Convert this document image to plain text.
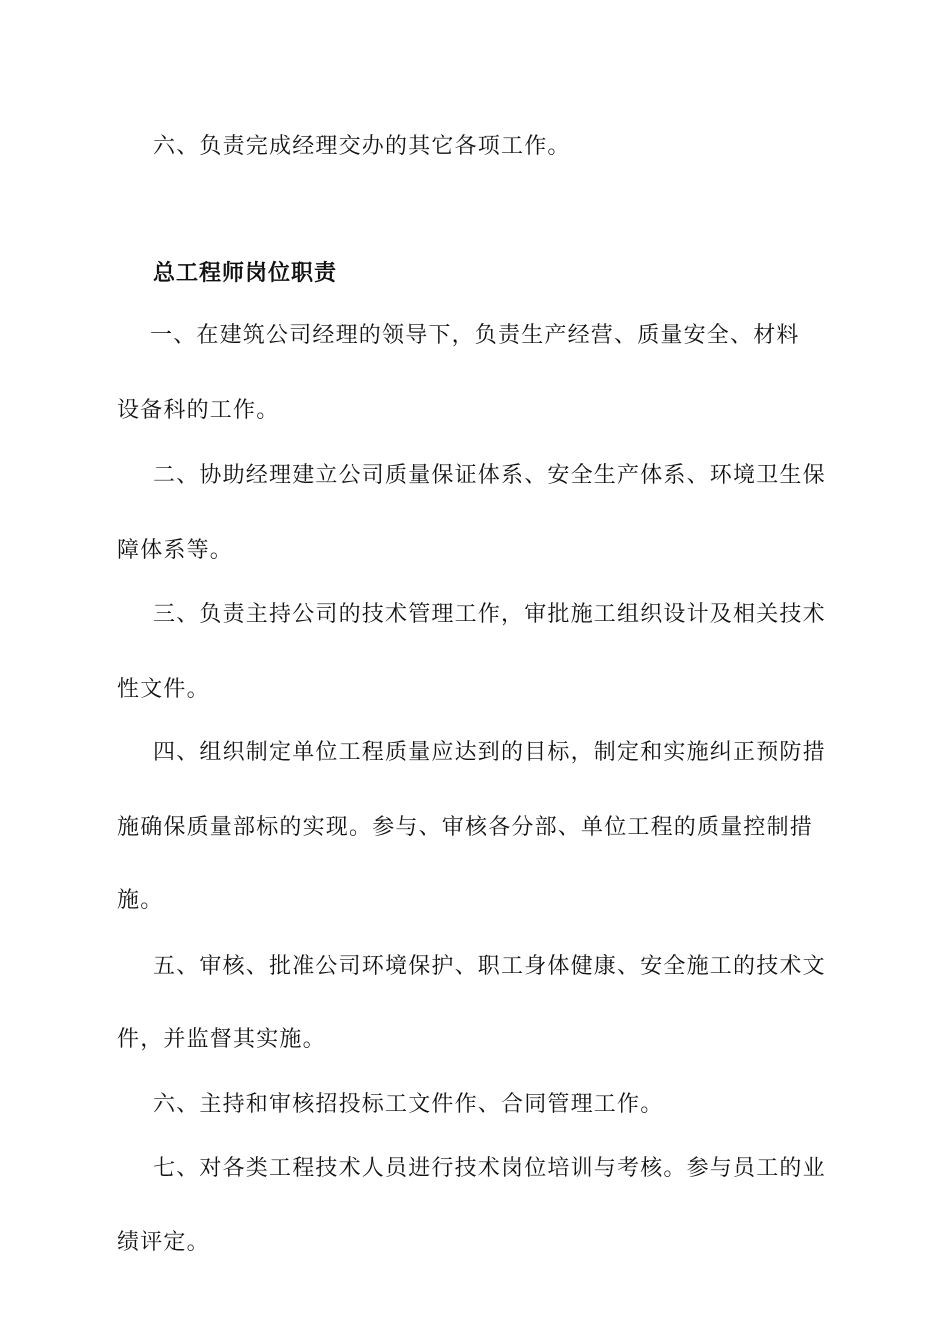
六、负责完成经理交办的其它各项工作。
总工程师岗位职责
一、在建筑公司经理的领导下，负责生产经营、质量安全、材料
设备科的工作。
二、协助经理建立公司质量保证体系、安全生产体系、环境卫生保
障体系等。
三、负责主持公司的技术管理工作，审批施工组织设计及相关技术
性文件。
四、组织制定单位工程质量应达到的目标，制定和实施纠正预防措
施确保质量部标的实现。参与、审核各分部、单位工程的质量控制措
施。
五、审核、批准公司环境保护、职工身体健康、安全施工的技术文
件，并监督其实施。
六、主持和审核招投标工文件作、合同管理工作。
七、对各类工程技术人员进行技术岗位培训与考核。参与员工的业
绩评定。
